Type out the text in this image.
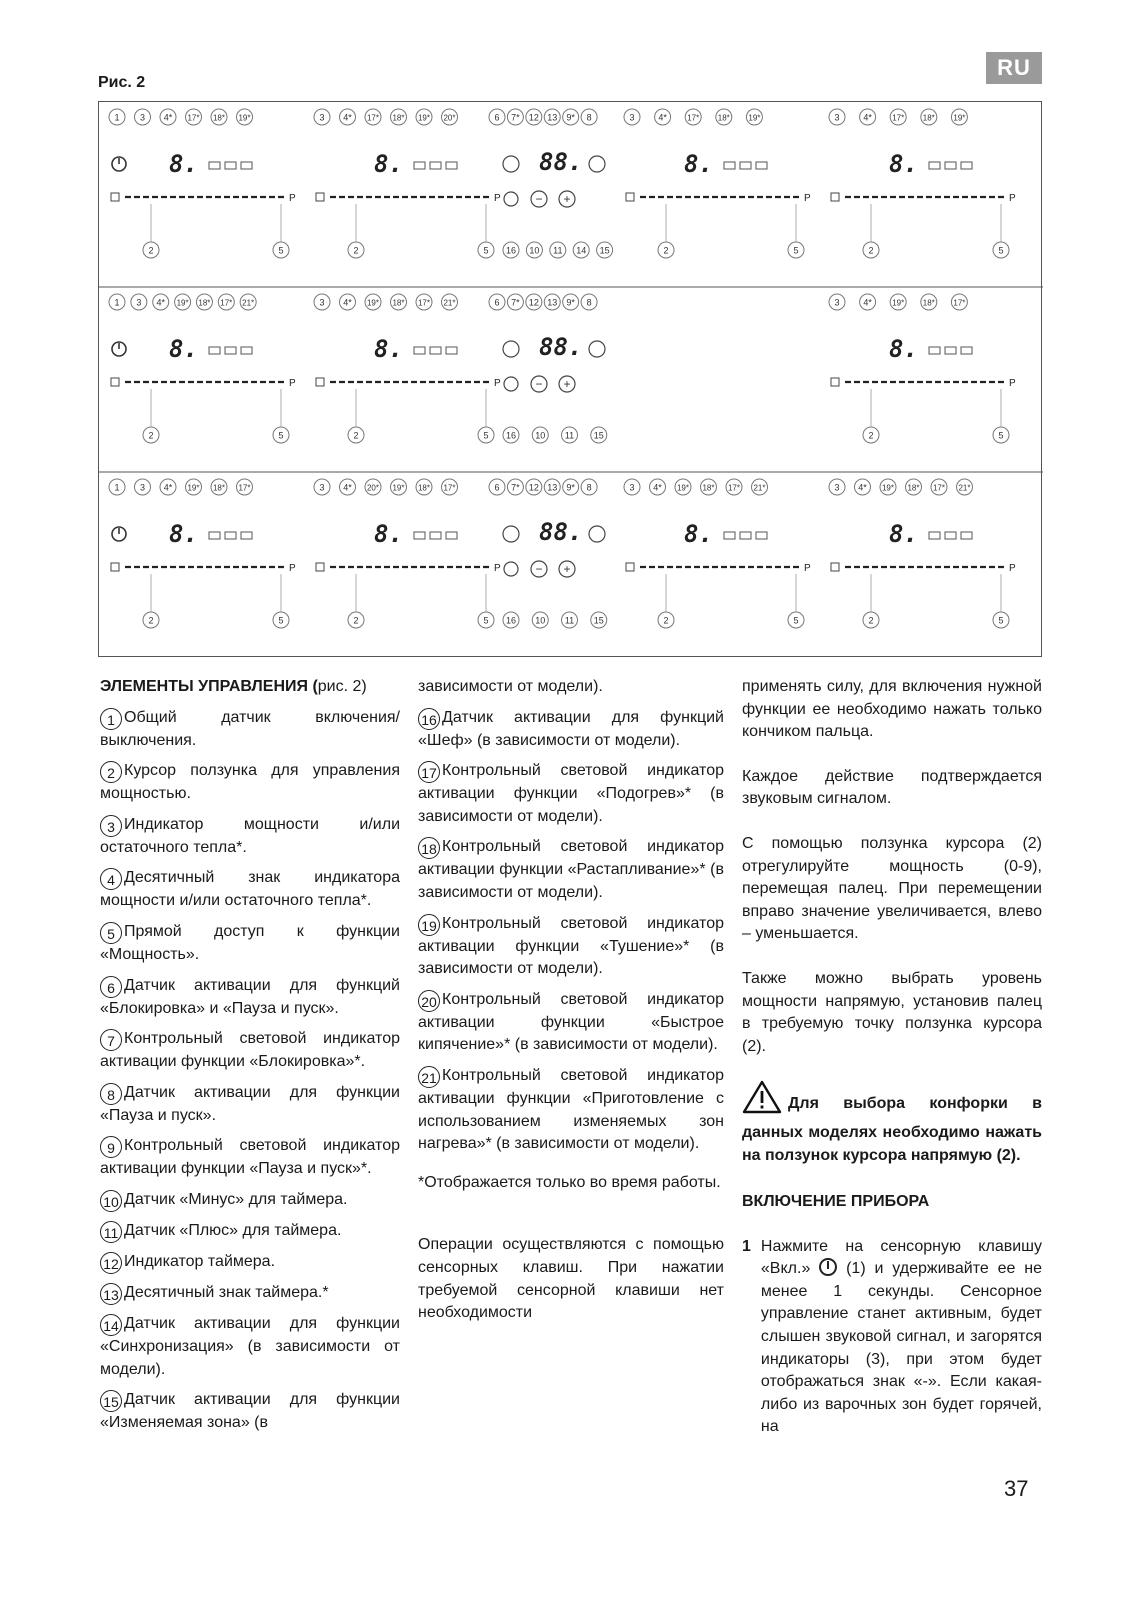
RU
Рис. 2
1 3 4* 17* 18* 19*
8.
P
2	5
3 4* 17* 18* 19* 20*
8.
P
2	5
6 7* 12 13 9* 8
88.
− +
16 10 11 14 15
3	4*	17* 18* 19*
8.
P
2	5
3	4*	17* 18* 19*
8.
P
2	5
1 3 4* 19* 18* 17* 21*
8.
P
2	5
3 4* 19* 18* 17* 21*
8.
P
2	5
6 7* 12 13 9* 8
88.
− +
16 10 11 15
3	4*	19* 18* 17*
8.
P
2	5
1 3 4* 19* 18* 17*
8.
P
2	5
3 4* 20* 19* 18* 17*
8.
P
2	5
6 7* 12 13 9* 8
88.
− +
16 10 11 15
3 4* 19* 18* 17* 21*
8.
P
2	5
3 4* 19* 18* 17* 21*
8.
P
2	5
ЭЛЕМЕНТЫ УПРАВЛЕНИЯ (рис. 2)
1 Общий датчик включения/ выключения.
2 Курсор ползунка для управления мощностью.
3 Индикатор мощности и/или остаточного тепла*.
4 Десятичный знак индикатора мощности и/или остаточного тепла*.
5 Прямой доступ к функции «Мощность».
6 Датчик активации для функций «Блокировка» и «Пауза и пуск».
7 Контрольный световой индикатор активации функции «Блокировка»*.
8 Датчик активации для функции «Пауза и пуск».
9 Контрольный световой индикатор активации функции «Пауза и пуск»*.
10 Датчик «Минус» для таймера.
11 Датчик «Плюс» для таймера.
12 Индикатор таймера.
13 Десятичный знак таймера.*
14 Датчик активации для функции «Синхронизация» (в зависимости от модели).
15 Датчик активации для функции «Изменяемая зона» (в
зависимости от модели).
16 Датчик активации для функций «Шеф» (в зависимости от модели).
17 Контрольный световой индикатор активации функции «Подогрев»* (в зависимости от модели).
18 Контрольный световой индикатор активации функции «Растапливание»* (в зависимости от модели).
19 Контрольный световой индикатор активации функции «Тушение»* (в зависимости от модели).
20 Контрольный световой индикатор активации функции «Быстрое кипячение»* (в зависимости от модели).
21 Контрольный световой индикатор активации функции «Приготовление с использованием изменяемых зон нагрева»* (в зависимости от модели).
*Отображается только во время работы.
Операции осуществляются с помощью сенсорных клавиш. При нажатии требуемой сенсорной клавиши нет необходимости
применять силу, для включения нужной функции ее необходимо нажать только кончиком пальца.
Каждое действие подтверждается звуковым сигналом.
С помощью ползунка курсора (2) отрегулируйте мощность (0-9), перемещая палец. При перемещении вправо значение увеличивается, влево – уменьшается.
Также можно выбрать уровень мощности напрямую, установив палец в требуемую точку ползунка курсора (2).
Для выбора конфорки в данных моделях необходимо нажать на ползунок курсора напрямую (2).
ВКЛЮЧЕНИЕ ПРИБОРА
1 Нажмите на сенсорную клавишу «Вкл.» (1) и удерживайте ее не менее 1 секунды. Сенсорное управление станет активным, будет слышен звуковой сигнал, и загорятся индикаторы (3), при этом будет отображаться знак «-». Если какая-либо из варочных зон будет горячей, на
37
